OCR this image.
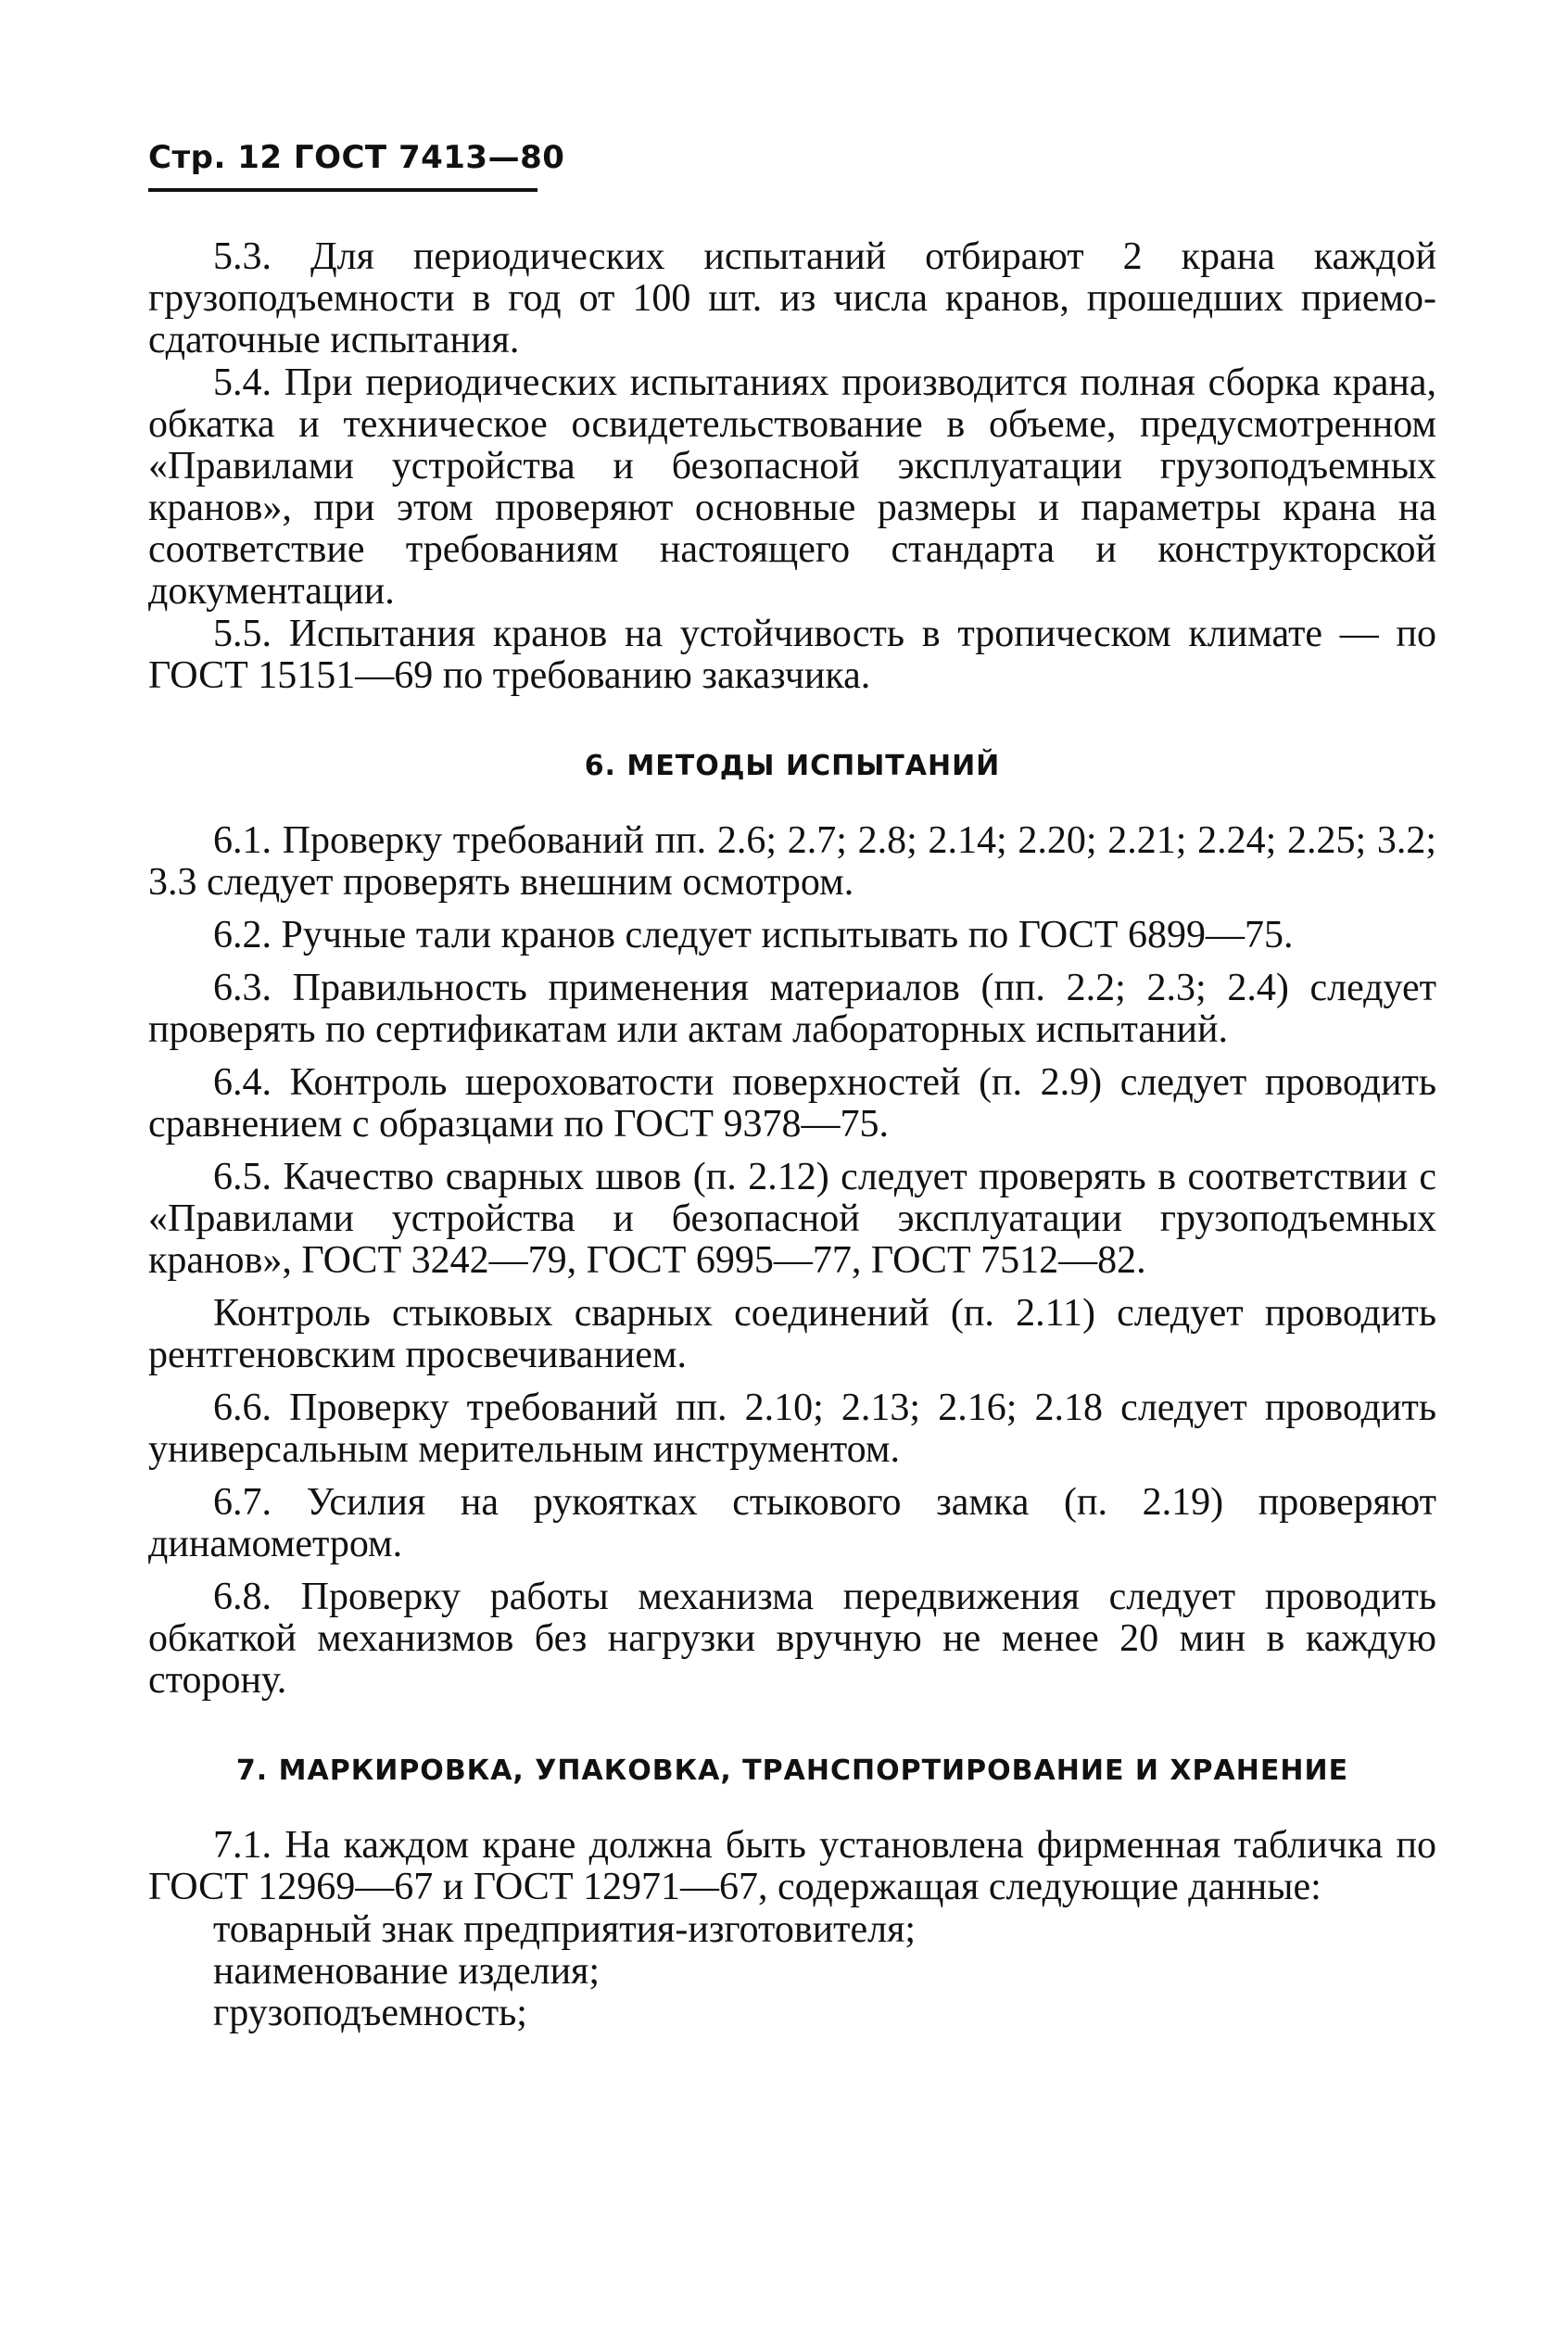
Стр. 12 ГОСТ 7413—80

5.3. Для периодических испытаний отбирают 2 крана каждой грузоподъемности в год от 100 шт. из числа кранов, прошедших приемо-сдаточные испытания.

5.4. При периодических испытаниях производится полная сборка крана, обкатка и техническое освидетельствование в объеме, предусмотренном «Правилами устройства и безопасной эксплуатации грузоподъемных кранов», при этом проверяют основные размеры и параметры крана на соответствие требованиям настоящего стандарта и конструкторской документации.

5.5. Испытания кранов на устойчивость в тропическом климате — по ГОСТ 15151—69 по требованию заказчика.

6. МЕТОДЫ ИСПЫТАНИЙ

6.1. Проверку требований пп. 2.6; 2.7; 2.8; 2.14; 2.20; 2.21; 2.24; 2.25; 3.2; 3.3 следует проверять внешним осмотром.

6.2. Ручные тали кранов следует испытывать по ГОСТ 6899—75.

6.3. Правильность применения материалов (пп. 2.2; 2.3; 2.4) следует проверять по сертификатам или актам лабораторных испытаний.

6.4. Контроль шероховатости поверхностей (п. 2.9) следует проводить сравнением с образцами по ГОСТ 9378—75.

6.5. Качество сварных швов (п. 2.12) следует проверять в соответствии с «Правилами устройства и безопасной эксплуатации грузоподъемных кранов», ГОСТ 3242—79, ГОСТ 6995—77, ГОСТ 7512—82.

Контроль стыковых сварных соединений (п. 2.11) следует проводить рентгеновским просвечиванием.

6.6. Проверку требований пп. 2.10; 2.13; 2.16; 2.18 следует проводить универсальным мерительным инструментом.

6.7. Усилия на рукоятках стыкового замка (п. 2.19) проверяют динамометром.

6.8. Проверку работы механизма передвижения следует проводить обкаткой механизмов без нагрузки вручную не менее 20 мин в каждую сторону.

7. МАРКИРОВКА, УПАКОВКА, ТРАНСПОРТИРОВАНИЕ И ХРАНЕНИЕ

7.1. На каждом кране должна быть установлена фирменная табличка по ГОСТ 12969—67 и ГОСТ 12971—67, содержащая следующие данные:

товарный знак предприятия-изготовителя;

наименование изделия;

грузоподъемность;
